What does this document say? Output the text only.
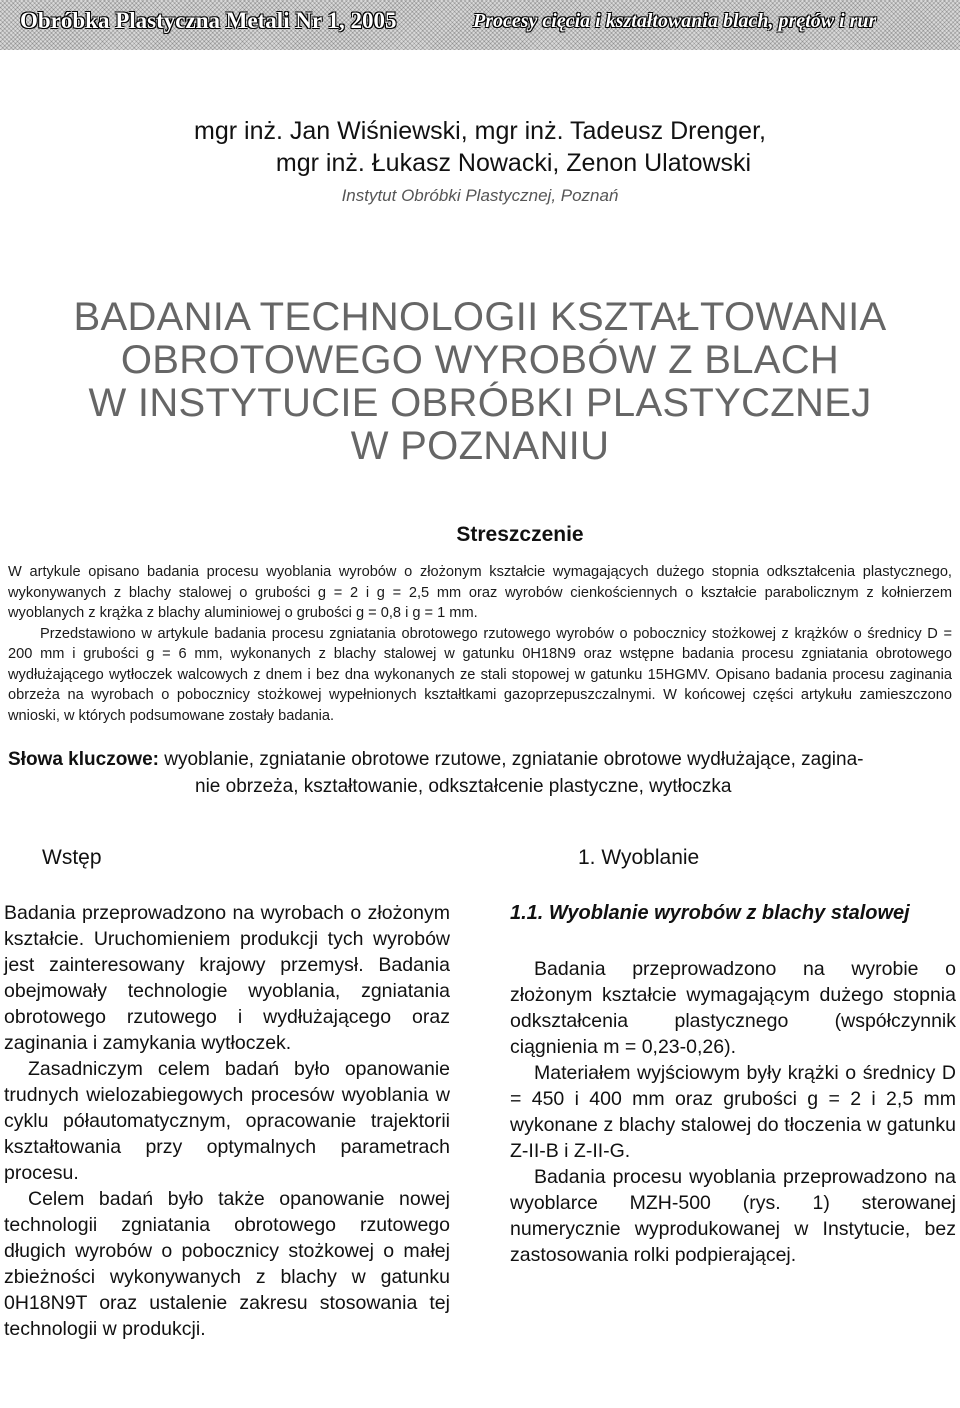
Obróbka Plastyczna Metali Nr 1, 2005	Procesy cięcia i kształtowania blach, prętów i rur
mgr inż. Jan Wiśniewski, mgr inż. Tadeusz Drenger,
mgr inż. Łukasz Nowacki, Zenon Ulatowski
Instytut Obróbki Plastycznej, Poznań
BADANIA TECHNOLOGII KSZTAŁTOWANIA
OBROTOWEGO WYROBÓW Z BLACH
W INSTYTUCIE OBRÓBKI PLASTYCZNEJ
W POZNANIU
Streszczenie

W artykule opisano badania procesu wyoblania wyrobów o złożonym kształcie wymagających dużego stopnia odkształcenia plastycznego, wykonywanych z blachy stalowej o grubości g = 2 i g = 2,5 mm oraz wyrobów cienkościennych o kształcie parabolicznym z kołnierzem wyoblanych z krążka z blachy aluminiowej o grubości g = 0,8 i g = 1 mm.

Przedstawiono w artykule badania procesu zgniatania obrotowego rzutowego wyrobów o pobocznicy stożkowej z krążków o średnicy D = 200 mm i grubości g = 6 mm, wykonanych z blachy stalowej w gatunku 0H18N9 oraz wstępne badania procesu zgniatania obrotowego wydłużającego wytłoczek walcowych z dnem i bez dna wykonanych ze stali stopowej w gatunku 15HGMV. Opisano badania procesu zaginania obrzeża na wyrobach o pobocznicy stożkowej wypełnionych kształtkami gazoprzepuszczalnymi. W końcowej części artykułu zamieszczono wnioski, w których podsumowane zostały badania.

Słowa kluczowe: wyoblanie, zgniatanie obrotowe rzutowe, zgniatanie obrotowe wydłużające, zagina-
nie obrzeża, kształtowanie, odkształcenie plastyczne, wytłoczka
Wstęp	1. Wyoblanie

Badania przeprowadzono na wyrobach o złożonym kształcie. Uruchomieniem produkcji tych wyrobów jest zainteresowany krajowy przemysł. Badania obejmowały technologie wyoblania, zgniatania obrotowego rzutowego i wydłużającego oraz zaginania i zamykania wytłoczek.

Zasadniczym celem badań było opanowanie trudnych wielozabiegowych procesów wyoblania w cyklu półautomatycznym, opracowanie trajektorii kształtowania przy optymalnych parametrach procesu.

Celem badań było także opanowanie nowej technologii zgniatania obrotowego rzutowego długich wyrobów o pobocznicy stożkowej o małej zbieżności wykonywanych z blachy w gatunku 0H18N9T oraz ustalenie zakresu stosowania tej technologii w produkcji.

1.1. Wyoblanie wyrobów z blachy stalowej

Badania przeprowadzono na wyrobie o złożonym kształcie wymagającym dużego stopnia odkształcenia plastycznego (współczynnik ciągnienia m = 0,23-0,26).

Materiałem wyjściowym były krążki o średnicy D = 450 i 400 mm oraz grubości g = 2 i 2,5 mm wykonane z blachy stalowej do tłoczenia w gatunku Z-II-B i Z-II-G.

Badania procesu wyoblania przeprowadzono na wyoblarce MZH-500 (rys. 1) sterowanej numerycznie wyprodukowanej w Instytucie, bez zastosowania rolki podpierającej.
